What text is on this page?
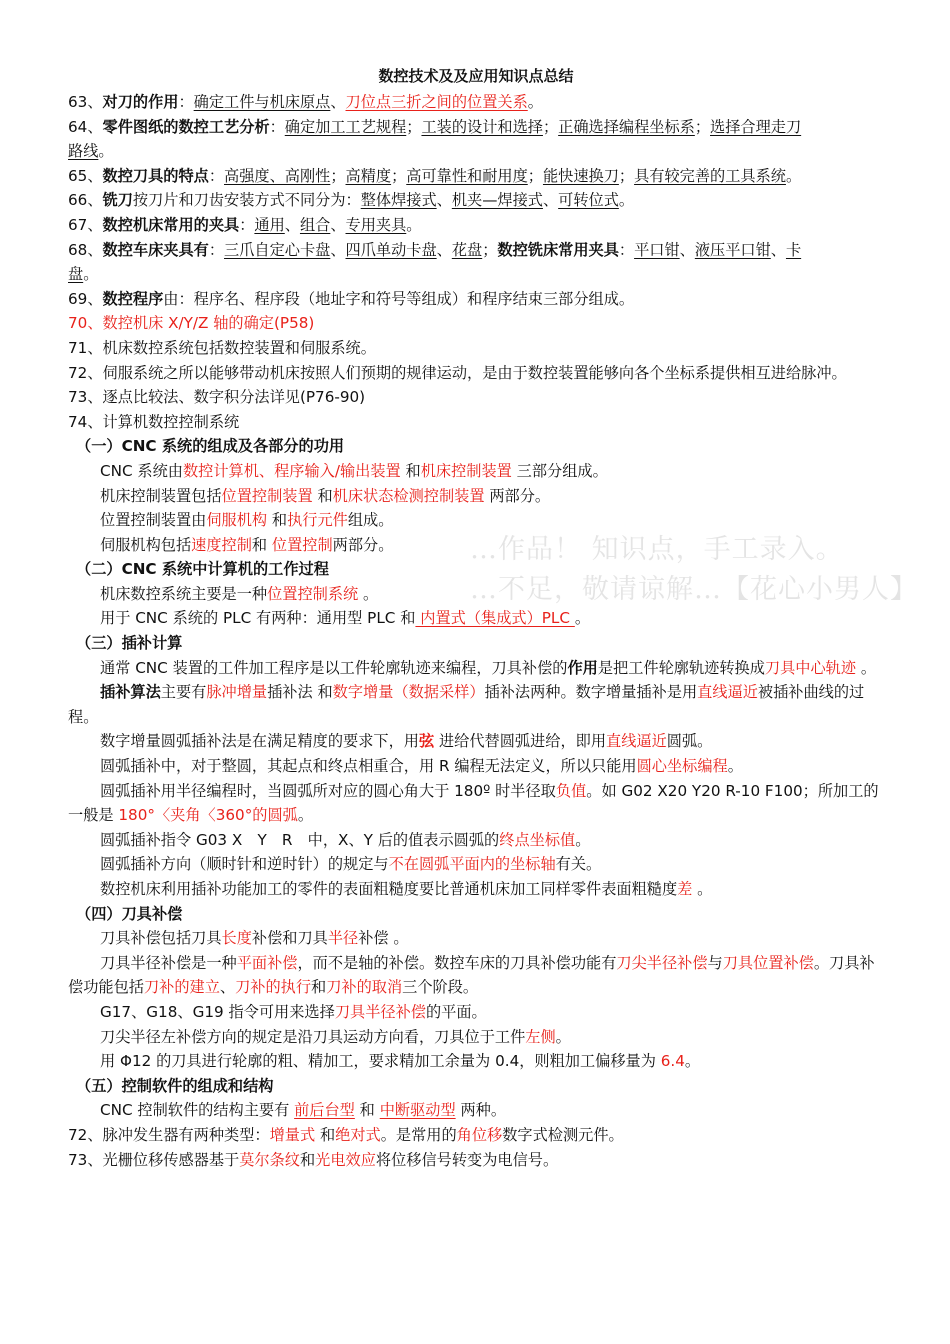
数控技术及及应用知识点总结

63、对刀的作用：确定工件与机床原点、刀位点三折之间的位置关系。

64、零件图纸的数控工艺分析：确定加工工艺规程；工装的设计和选择；正确选择编程坐标系；选择合理走刀
路线。

65、数控刀具的特点：高强度、高刚性；高精度；高可靠性和耐用度；能快速换刀；具有较完善的工具系统。

66、铣刀按刀片和刀齿安装方式不同分为：整体焊接式、机夹—焊接式、可转位式。

67、数控机床常用的夹具：通用、组合、专用夹具。

68、数控车床夹具有：三爪自定心卡盘、四爪单动卡盘、花盘；数控铣床常用夹具：平口钳、液压平口钳、卡
盘。

69、数控程序由：程序名、程序段（地址字和符号等组成）和程序结束三部分组成。

70、数控机床 X/Y/Z 轴的确定(P58)

71、机床数控系统包括数控装置和伺服系统。

72、伺服系统之所以能够带动机床按照人们预期的规律运动，是由于数控装置能够向各个坐标系提供相互进给脉冲。

73、逐点比较法、数字积分法详见(P76-90)

74、计算机数控控制系统

（一）CNC 系统的组成及各部分的功用

CNC 系统由数控计算机、程序输入/输出装置 和机床控制装置 三部分组成。

机床控制装置包括位置控制装置 和机床状态检测控制装置 两部分。

位置控制装置由伺服机构 和执行元件组成。

伺服机构包括速度控制和 位置控制两部分。

（二）CNC 系统中计算机的工作过程

机床数控系统主要是一种位置控制系统 。

用于 CNC 系统的 PLC 有两种：通用型 PLC 和 内置式（集成式）PLC 。

（三）插补计算

通常 CNC 装置的工件加工程序是以工件轮廓轨迹来编程，刀具补偿的作用是把工件轮廓轨迹转换成刀具中心轨迹 。

插补算法主要有脉冲增量插补法 和数字增量（数据采样）插补法两种。数字增量插补是用直线逼近被插补曲线的过程。

数字增量圆弧插补法是在满足精度的要求下，用弦 进给代替圆弧进给，即用直线逼近圆弧。

圆弧插补中，对于整圆，其起点和终点相重合，用 R 编程无法定义，所以只能用圆心坐标编程。

圆弧插补用半径编程时，当圆弧所对应的圆心角大于 180º 时半径取负值。如 G02 X20 Y20 R-10 F100；所加工的一般是 180°〈夹角〈360°的圆弧。

圆弧插补指令 G03 X　Y　R　中，X、Y 后的值表示圆弧的终点坐标值。

圆弧插补方向（顺时针和逆时针）的规定与不在圆弧平面内的坐标轴有关。

数控机床利用插补功能加工的零件的表面粗糙度要比普通机床加工同样零件表面粗糙度差 。

（四）刀具补偿

刀具补偿包括刀具长度补偿和刀具半径补偿 。

刀具半径补偿是一种平面补偿，而不是轴的补偿。数控车床的刀具补偿功能有刀尖半径补偿与刀具位置补偿。刀具补偿功能包括刀补的建立、刀补的执行和刀补的取消三个阶段。

G17、G18、G19 指令可用来选择刀具半径补偿的平面。

刀尖半径左补偿方向的规定是沿刀具运动方向看，刀具位于工件左侧。

用 Φ12 的刀具进行轮廓的粗、精加工，要求精加工余量为 0.4，则粗加工偏移量为 6.4。

（五）控制软件的组成和结构

CNC 控制软件的结构主要有 前后台型 和 中断驱动型 两种。

72、脉冲发生器有两种类型：增量式 和绝对式。是常用的角位移数字式检测元件。

73、光栅位移传感器基于莫尔条纹和光电效应将位移信号转变为电信号。

…作品！ 知识点，手工录入。
…不足，敬请谅解…【花心小男人】
